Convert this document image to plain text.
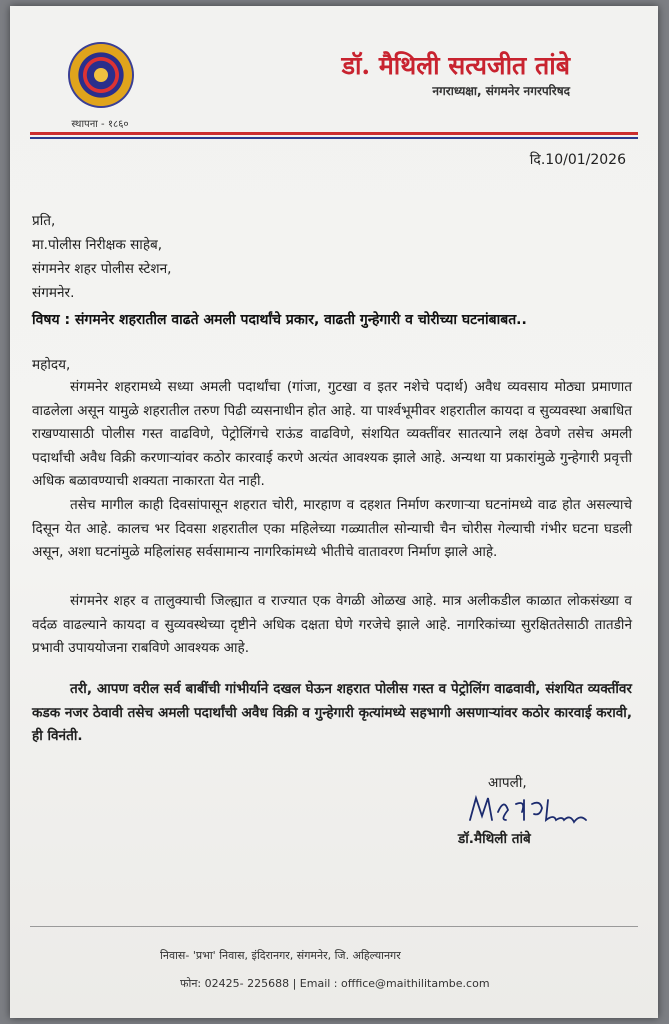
स्थापना - १८६०
डॉ. मैथिली सत्यजीत तांबे
नगराध्यक्षा, संगमनेर नगरपरिषद
दि.10/01/2026
प्रति,
मा.पोलीस निरीक्षक साहेब,
संगमनेर शहर पोलीस स्टेशन,
संगमनेर.
विषय : संगमनेर शहरातील वाढते अमली पदार्थांचे प्रकार, वाढती गुन्हेगारी व चोरीच्या घटनांबाबत..
महोदय,
संगमनेर शहरामध्ये सध्या अमली पदार्थांचा (गांजा, गुटखा व इतर नशेचे पदार्थ) अवैध व्यवसाय मोठ्या प्रमाणात वाढलेला असून यामुळे शहरातील तरुण पिढी व्यसनाधीन होत आहे. या पार्श्वभूमीवर शहरातील कायदा व सुव्यवस्था अबाधित राखण्यासाठी पोलीस गस्त वाढविणे, पेट्रोलिंगचे राऊंड वाढविणे, संशयित व्यक्तींवर सातत्याने लक्ष ठेवणे तसेच अमली पदार्थांची अवैध विक्री करणाऱ्यांवर कठोर कारवाई करणे अत्यंत आवश्यक झाले आहे. अन्यथा या प्रकारांमुळे गुन्हेगारी प्रवृत्ती अधिक बळावण्याची शक्यता नाकारता येत नाही.
तसेच मागील काही दिवसांपासून शहरात चोरी, मारहाण व दहशत निर्माण करणाऱ्या घटनांमध्ये वाढ होत असल्याचे दिसून येत आहे. कालच भर दिवसा शहरातील एका महिलेच्या गळ्यातील सोन्याची चैन चोरीस गेल्याची गंभीर घटना घडली असून, अशा घटनांमुळे महिलांसह सर्वसामान्य नागरिकांमध्ये भीतीचे वातावरण निर्माण झाले आहे.
संगमनेर शहर व तालुक्याची जिल्ह्यात व राज्यात एक वेगळी ओळख आहे. मात्र अलीकडील काळात लोकसंख्या व वर्दळ वाढल्याने कायदा व सुव्यवस्थेच्या दृष्टीने अधिक दक्षता घेणे गरजेचे झाले आहे. नागरिकांच्या सुरक्षिततेसाठी तातडीने प्रभावी उपाययोजना राबविणे आवश्यक आहे.
तरी, आपण वरील सर्व बाबींची गांभीर्याने दखल घेऊन शहरात पोलीस गस्त व पेट्रोलिंग वाढवावी, संशयित व्यक्तींवर कडक नजर ठेवावी तसेच अमली पदार्थांची अवैध विक्री व गुन्हेगारी कृत्यांमध्ये सहभागी असणाऱ्यांवर कठोर कारवाई करावी, ही विनंती.
आपली,
डॉ.मैथिली तांबे
निवास- 'प्रभा' निवास, इंदिरानगर, संगमनेर, जि. अहिल्यानगर
फोन: 02425- 225688 | Email : offfice@maithilitambe.com
